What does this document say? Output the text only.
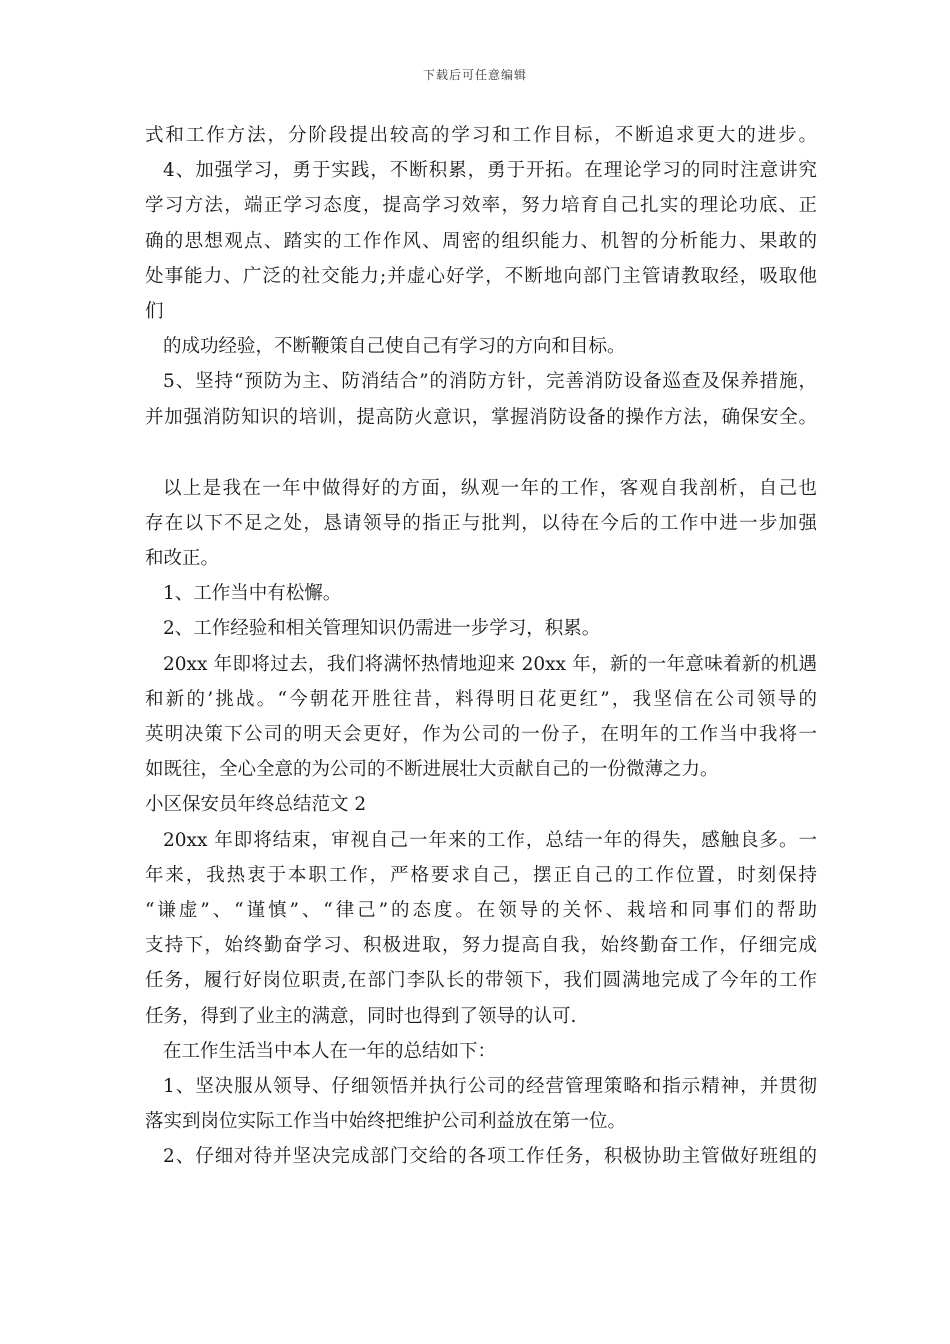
下载后可任意编辑
式和工作方法，分阶段提出较高的学习和工作目标，不断追求更大的进步。
4、加强学习，勇于实践，不断积累，勇于开拓。在理论学习的同时注意讲究
学习方法，端正学习态度，提高学习效率，努力培育自己扎实的理论功底、正
确的思想观点、踏实的工作作风、周密的组织能力、机智的分析能力、果敢的
处事能力、广泛的社交能力;并虚心好学，不断地向部门主管请教取经，吸取他
们
的成功经验，不断鞭策自己使自己有学习的方向和目标。
5、坚持“预防为主、防消结合”的消防方针，完善消防设备巡查及保养措施，
并加强消防知识的培训，提高防火意识，掌握消防设备的操作方法，确保安全。
以上是我在一年中做得好的方面，纵观一年的工作，客观自我剖析，自己也
存在以下不足之处，恳请领导的指正与批判，以待在今后的工作中进一步加强
和改正。
1、工作当中有松懈。
2、工作经验和相关管理知识仍需进一步学习，积累。
20xx 年即将过去，我们将满怀热情地迎来 20xx 年，新的一年意味着新的机遇
和新的’挑战。“今朝花开胜往昔，料得明日花更红”，我坚信在公司领导的
英明决策下公司的明天会更好，作为公司的一份子，在明年的工作当中我将一
如既往，全心全意的为公司的不断进展壮大贡献自己的一份微薄之力。
小区保安员年终总结范文 2
20xx 年即将结束，审视自己一年来的工作，总结一年的得失，感触良多。一
年来，我热衷于本职工作，严格要求自己，摆正自己的工作位置，时刻保持
“谦虚”、“谨慎”、“律己”的态度。在领导的关怀、栽培和同事们的帮助
支持下，始终勤奋学习、积极进取，努力提高自我，始终勤奋工作，仔细完成
任务，履行好岗位职责,在部门李队长的带领下，我们圆满地完成了今年的工作
任务，得到了业主的满意，同时也得到了领导的认可.
在工作生活当中本人在一年的总结如下：
1、坚决服从领导、仔细领悟并执行公司的经营管理策略和指示精神，并贯彻
落实到岗位实际工作当中始终把维护公司利益放在第一位。
2、仔细对待并坚决完成部门交给的各项工作任务，积极协助主管做好班组的
